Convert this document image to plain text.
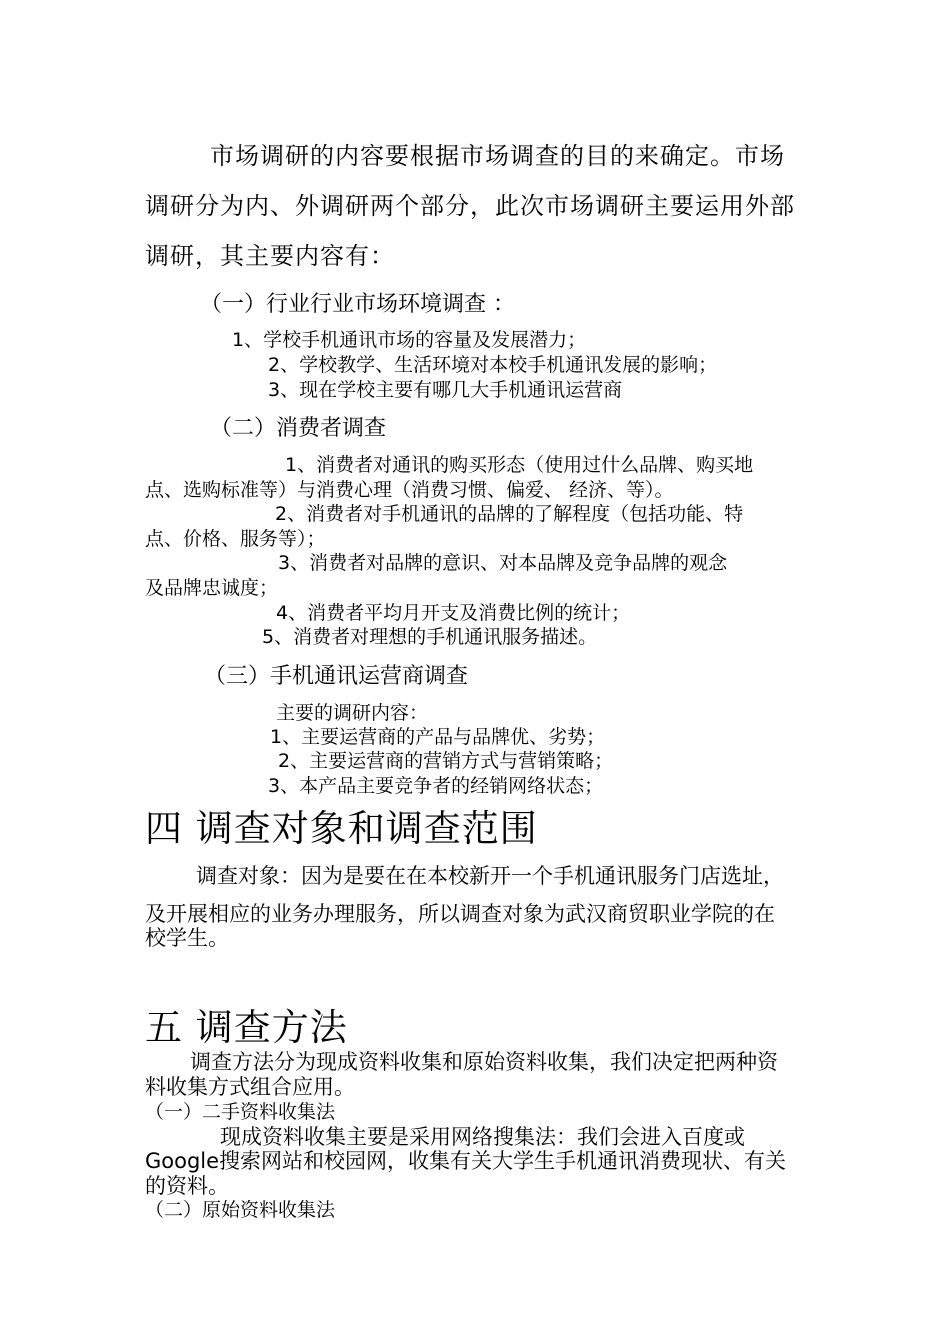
市场调研的内容要根据市场调查的目的来确定。市场

调研分为内、外调研两个部分，此次市场调研主要运用外部

调研，其主要内容有：

（一）行业行业市场环境调查 ：

1、学校手机通讯市场的容量及发展潜力；

2、学校教学、生活环境对本校手机通讯发展的影响；

3、现在学校主要有哪几大手机通讯运营商

（二）消费者调查

1、消费者对通讯的购买形态（使用过什么品牌、购买地

点、选购标准等）与消费心理（消费习惯、偏爱、 经济、等）。

2、消费者对手机通讯的品牌的了解程度（包括功能、特

点、价格、服务等）；

3、消费者对品牌的意识、对本品牌及竞争品牌的观念

及品牌忠诚度；

4、消费者平均月开支及消费比例的统计；

5、消费者对理想的手机通讯服务描述。

（三）手机通讯运营商调查

主要的调研内容：

1、主要运营商的产品与品牌优、劣势；

2、主要运营商的营销方式与营销策略；

3、本产品主要竞争者的经销网络状态；

四 调查对象和调查范围

调查对象：因为是要在在本校新开一个手机通讯服务门店选址，

及开展相应的业务办理服务，所以调查对象为武汉商贸职业学院的在

校学生。

五 调查方法

调查方法分为现成资料收集和原始资料收集，我们决定把两种资

料收集方式组合应用。

（一）二手资料收集法

现成资料收集主要是采用网络搜集法：我们会进入百度或

Google搜索网站和校园网，收集有关大学生手机通讯消费现状、有关

的资料。

（二）原始资料收集法
